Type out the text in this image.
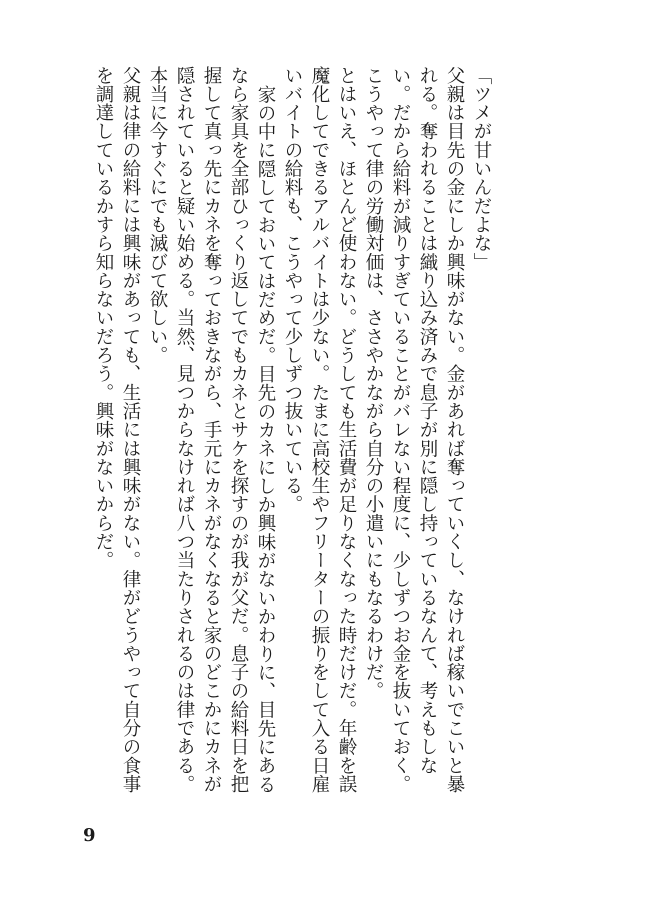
「ツメが甘いんだよな」

父親は目先の金にしか興味がない。金があれば奪っていくし、なければ稼いでこいと暴れる。奪われることは織り込み済みで息子が別に隠し持っているなんて、考えもしない。だから給料が減りすぎていることがバレない程度に、少しずつお金を抜いておく。こうやって律の労働対価は、ささやかながら自分の小遣いにもなるわけだ。

とはいえ、ほとんど使わない。どうしても生活費が足りなくなった時だけだ。年齢を誤魔化してできるアルバイトは少ない。たまに高校生やフリーターの振りをして入る日雇いバイトの給料も、こうやって少しずつ抜いている。

家の中に隠しておいてはだめだ。目先のカネにしか興味がないかわりに、目先にあるなら家具を全部ひっくり返してでもカネとサケを探すのが我が父だ。息子の給料日を把握して真っ先にカネを奪っておきながら、手元にカネがなくなると家のどこかにカネが隠されていると疑い始める。当然、見つからなければ八つ当たりされるのは律である。本当に今すぐにでも滅びて欲しい。

父親は律の給料には興味があっても、生活には興味がない。律がどうやって自分の食事を調達しているかすら知らないだろう。興味がないからだ。

9
